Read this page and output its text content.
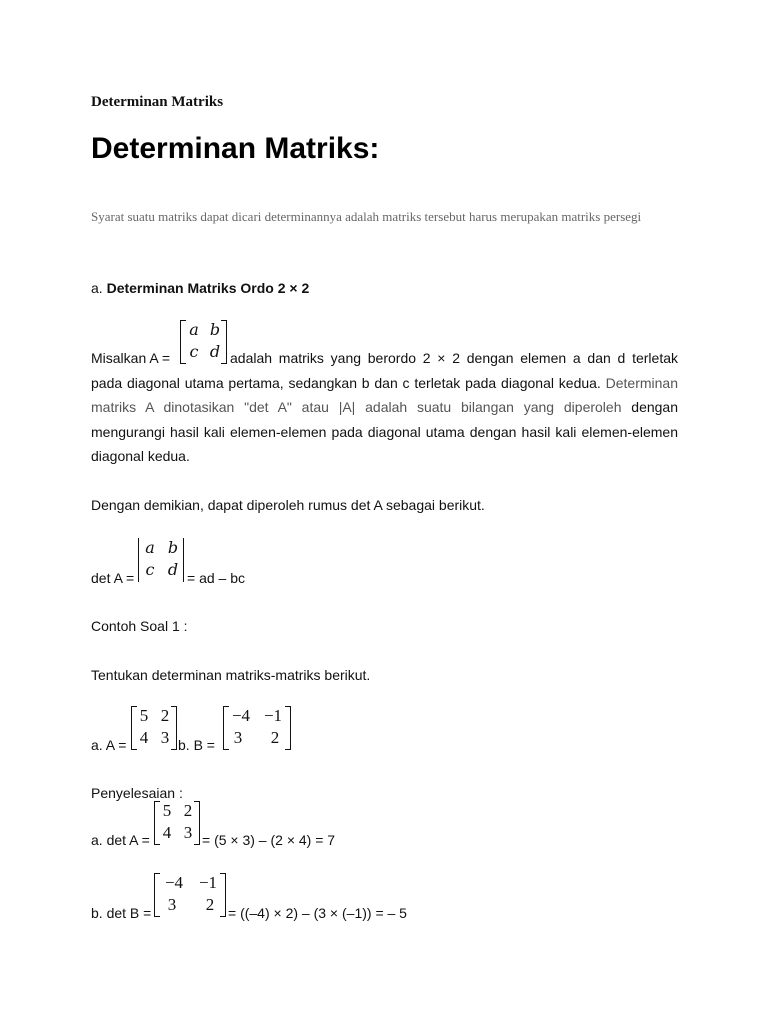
Determinan Matriks
Determinan Matriks:
Syarat suatu matriks dapat dicari determinannya adalah matriks tersebut harus merupakan matriks persegi
a. Determinan Matriks Ordo 2 × 2
Misalkan A =
a b
c d adalah matriks yang berordo 2 × 2 dengan elemen a dan d terletak pada diagonal utama pertama, sedangkan b dan c terletak pada diagonal kedua. Determinan matriks A dinotasikan "det A" atau |A| adalah suatu bilangan yang diperoleh dengan mengurangi hasil kali elemen-elemen pada diagonal utama dengan hasil kali elemen-elemen diagonal kedua.
Dengan demikian, dapat diperoleh rumus det A sebagai berikut.
det A =
a b
c d = ad – bc
Contoh Soal 1 :
Tentukan determinan matriks-matriks berikut.
a. A =
5 2
4 3 b. B =
−4 −1
3	2
Penyelesaian :
a. det A =
5 2
4 3 = (5 × 3) – (2 × 4) = 7
b. det B =
−4 −1
3	2 = ((–4) × 2) – (3 × (–1)) = – 5
